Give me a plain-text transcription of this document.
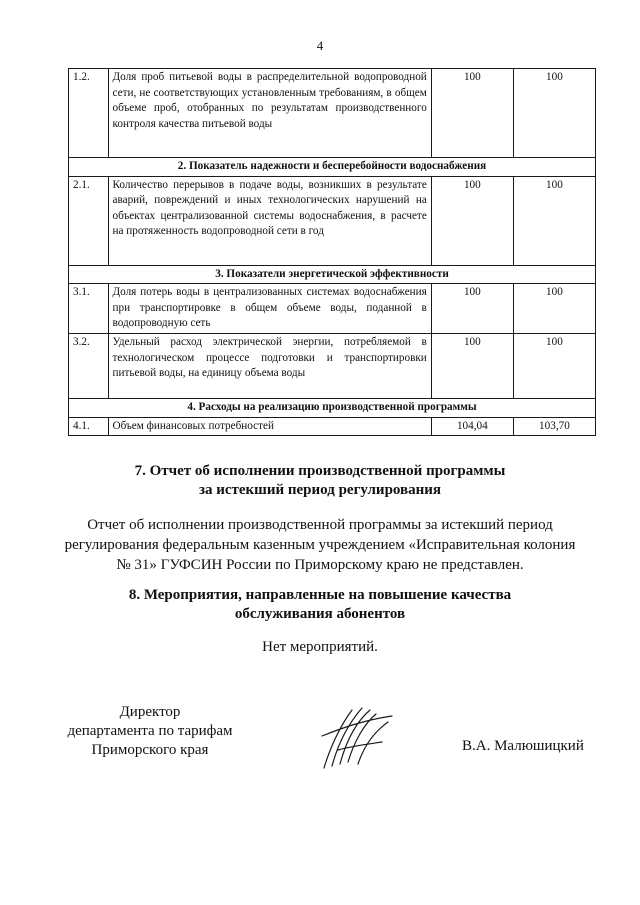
4
1.2.	Доля проб питьевой воды в распределительной водопроводной сети, не соответствующих установленным требованиям, в общем объеме проб, отобранных по результатам производственного контроля качества питьевой воды	100	100
2. Показатель надежности и бесперебойности водоснабжения			
2.1.	Количество перерывов в подаче воды, возникших в результате аварий, повреждений и иных технологических нарушений на объектах централизованной системы водоснабжения, в расчете на протяженность водопроводной сети в год	100	100
3. Показатели энергетической эффективности			
3.1.	Доля потерь воды в централизованных системах водоснабжения при транспортировке в общем объеме воды, поданной в водопроводную сеть	100	100
3.2.	Удельный расход электрической энергии, потребляемой в технологическом процессе подготовки и транспортировки питьевой воды, на единицу объема воды	100	100
4. Расходы на реализацию производственной программы			
4.1.	Объем финансовых потребностей	104,04	103,70
7. Отчет об исполнении производственной программы
за истекший период регулирования
Отчет об исполнении производственной программы за истекший период
регулирования федеральным казенным учреждением «Исправительная колония
№ 31» ГУФСИН России по Приморскому краю не представлен.
8. Мероприятия, направленные на повышение качества
обслуживания абонентов
Нет мероприятий.
Директор
департамента по тарифам
Приморского края	В.А. Малюшицкий
